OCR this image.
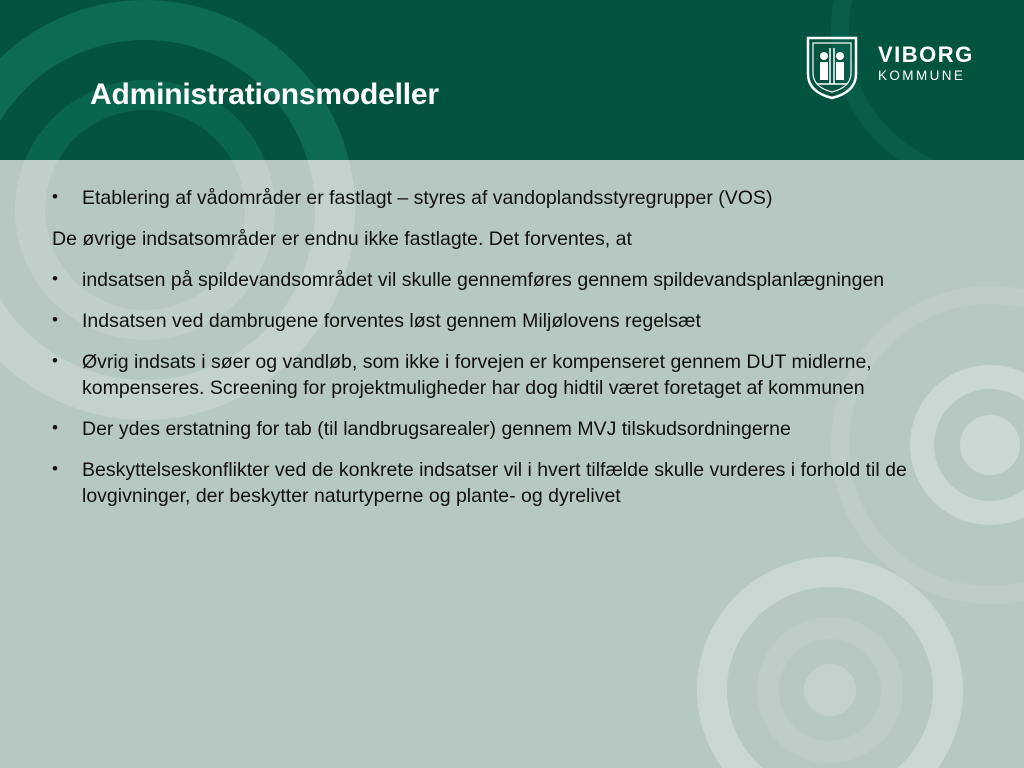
Administrationsmodeller
VIBORG
KOMMUNE
• Etablering af vådområder er fastlagt – styres af vandoplandsstyregrupper (VOS)
De øvrige indsatsområder er endnu ikke fastlagte. Det forventes, at
• indsatsen på spildevandsområdet vil skulle gennemføres gennem spildevandsplanlægningen
• Indsatsen ved dambrugene forventes løst gennem Miljølovens regelsæt
• Øvrig indsats i søer og vandløb, som ikke i forvejen er kompenseret gennem DUT midlerne, kompenseres. Screening for projektmuligheder har dog hidtil været foretaget af kommunen
• Der ydes erstatning for tab (til landbrugsarealer) gennem MVJ tilskudsordningerne
• Beskyttelseskonflikter ved de konkrete indsatser vil i hvert tilfælde skulle vurderes i forhold til de lovgivninger, der beskytter naturtyperne og plante- og dyrelivet
